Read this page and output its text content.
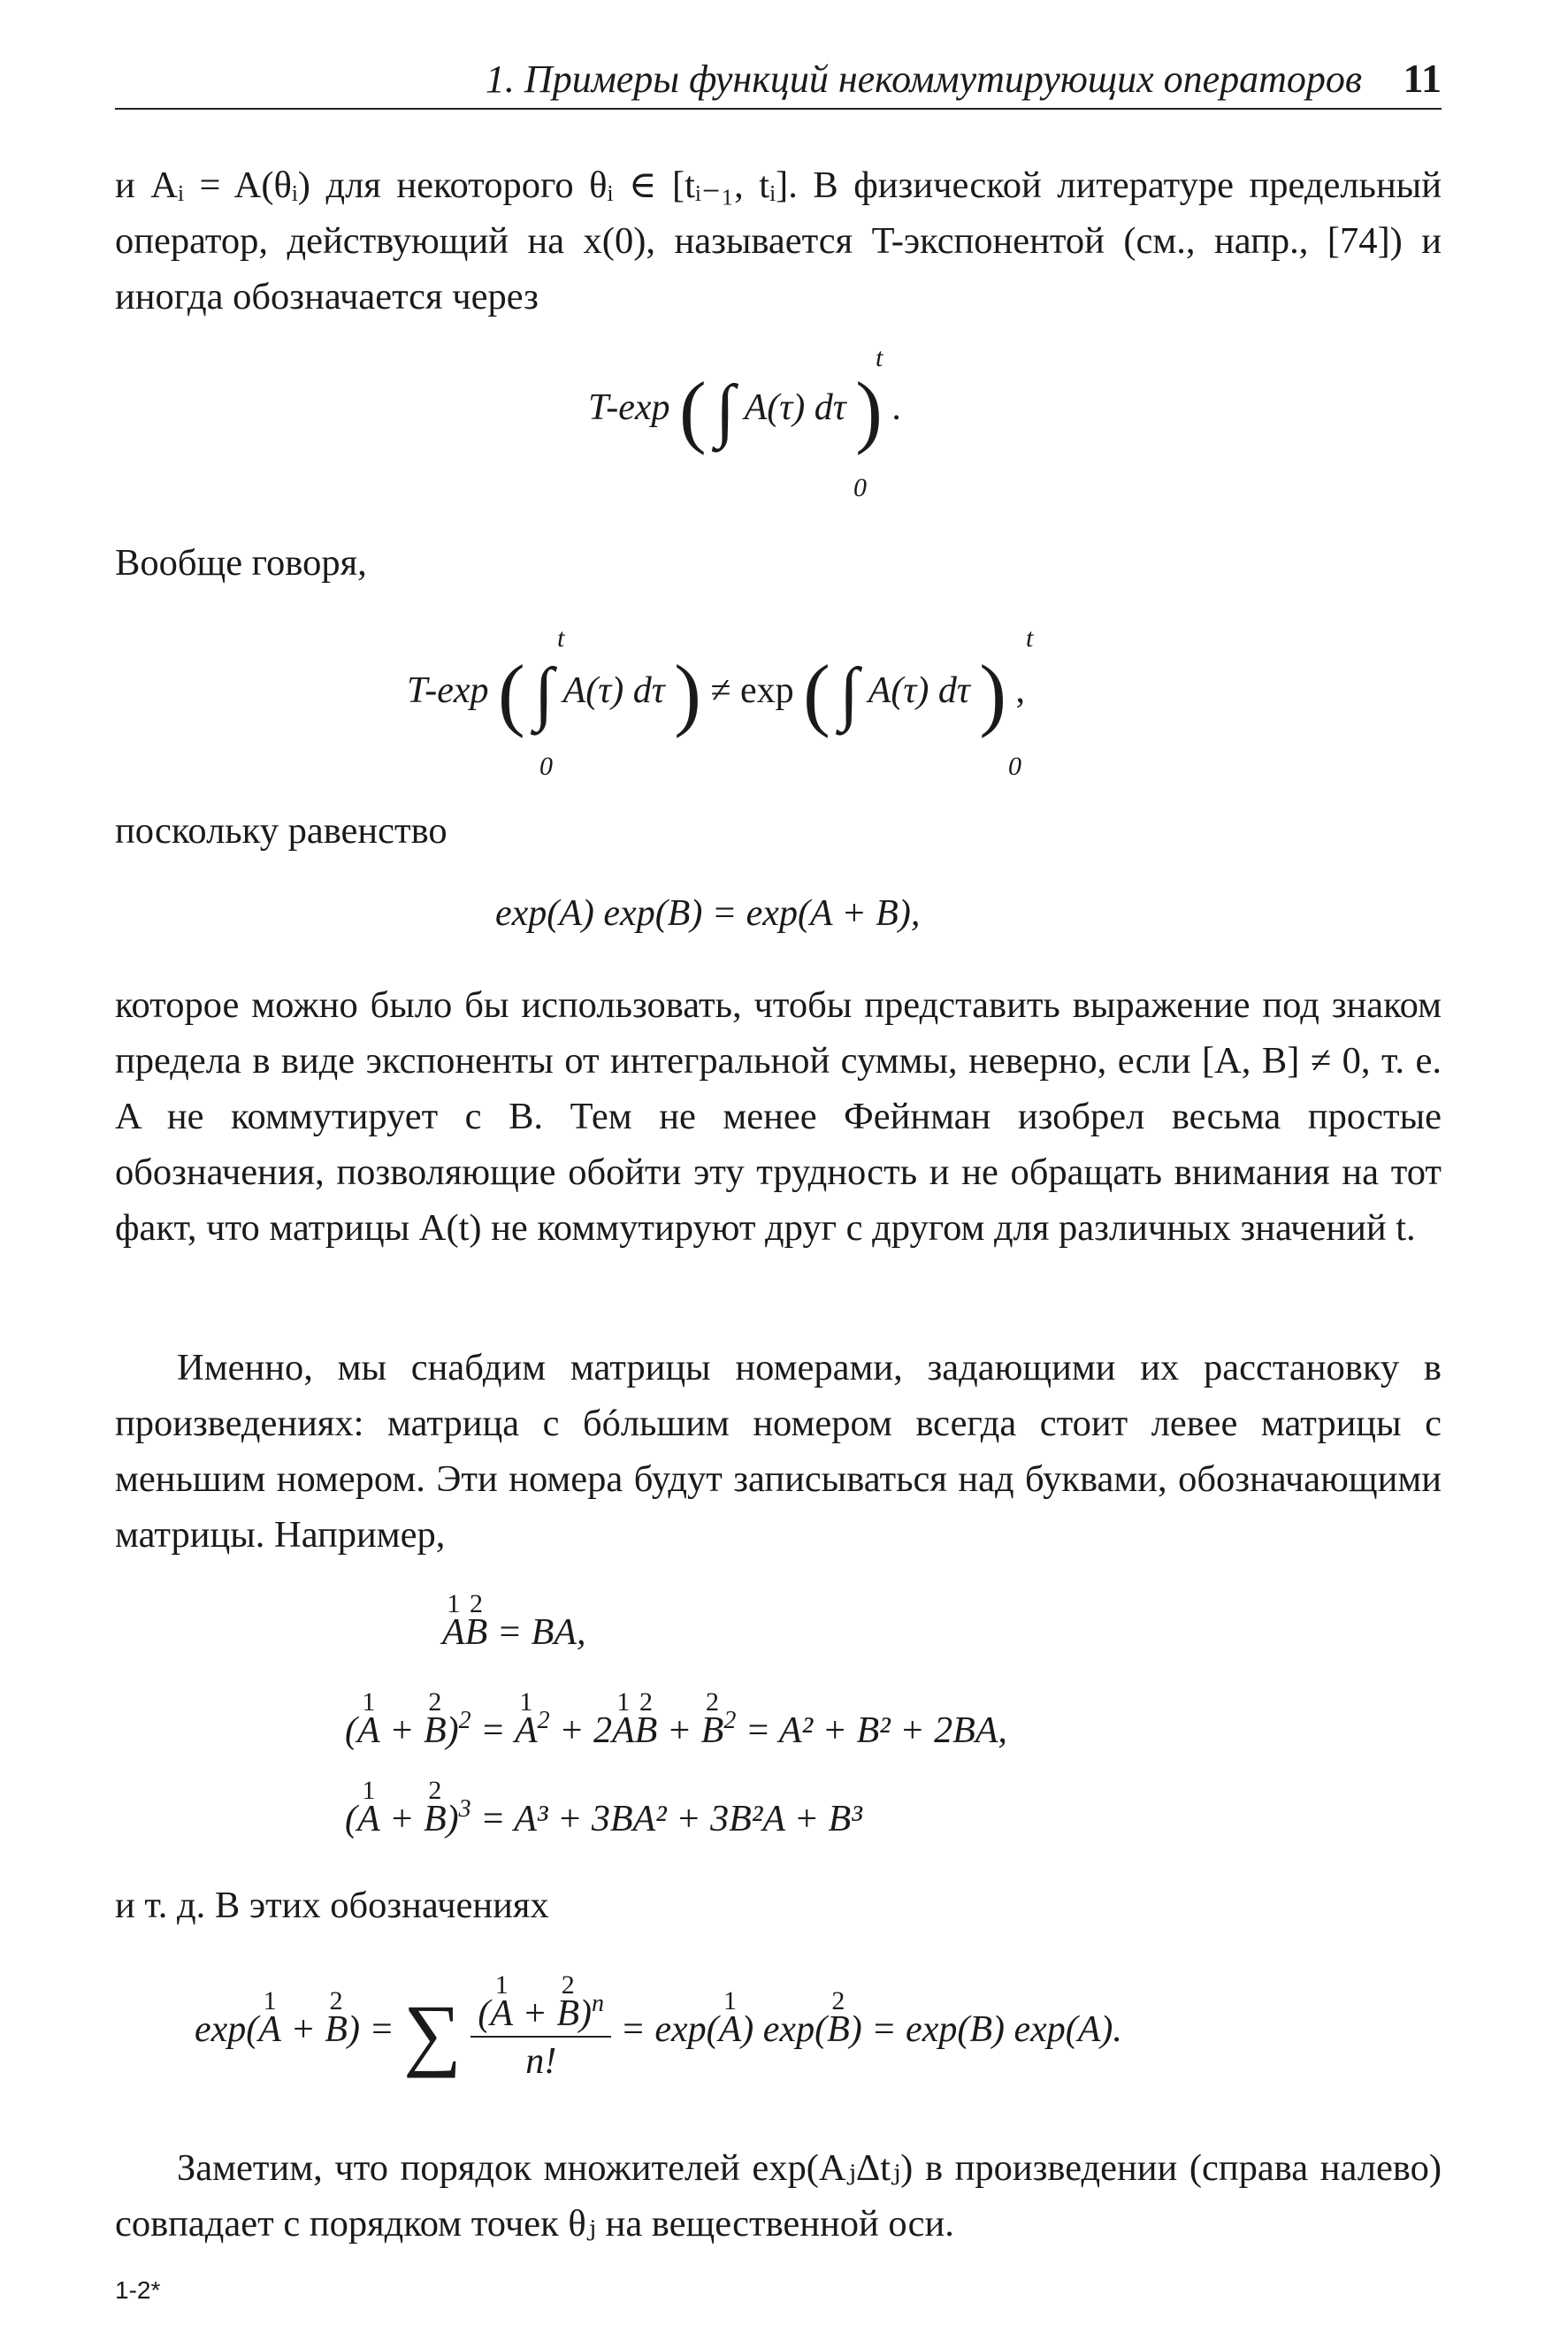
1. Примеры функций некоммутирующих операторов 11

и Aᵢ = A(θᵢ) для некоторого θᵢ ∈ [tᵢ₋₁, tᵢ]. В физической литературе предельный оператор, действующий на x(0), называется T-экспонентой (см., напр., [74]) и иногда обозначается через

T-exp ( ∫ A(τ) dτ ) .
t
0

Вообще говоря,

T-exp ( ∫ A(τ) dτ ) ≠ exp ( ∫ A(τ) dτ ) ,
t
0
t
0

поскольку равенство

exp(A) exp(B) = exp(A + B),

которое можно было бы использовать, чтобы представить выражение под знаком предела в виде экспоненты от интегральной суммы, неверно, если [A, B] ≠ 0, т. е. A не коммутирует с B. Тем не менее Фейнман изобрел весьма простые обозначения, позволяющие обойти эту трудность и не обращать внимания на тот факт, что матрицы A(t) не коммутируют друг с другом для различных значений t.

Именно, мы снабдим матрицы номерами, задающими их расстановку в произведениях: матрица с бóльшим номером всегда стоит левее матрицы с меньшим номером. Эти номера будут записываться над буквами, обозначающими матрицы. Например,

A
1
B
2
= BA,
(A
1
+ B
2
)$^2$ = A
1
$^2$ + 2A
1
B
2
+ B
2
$^2$ = A² + B² + 2BA,
(A
1
+ B
2
)$^3$ = A³ + 3BA² + 3B²A + B³

и т. д. В этих обозначениях

exp(A
1
+ B
2
) = ∑ (A
1
+ B
2
)$^n$
n! = exp(A
1
) exp(B
2
) = exp(B) exp(A).

Заметим, что порядок множителей exp(AⱼΔtⱼ) в произведении (справа налево) совпадает с порядком точек θⱼ на вещественной оси.

1-2*
